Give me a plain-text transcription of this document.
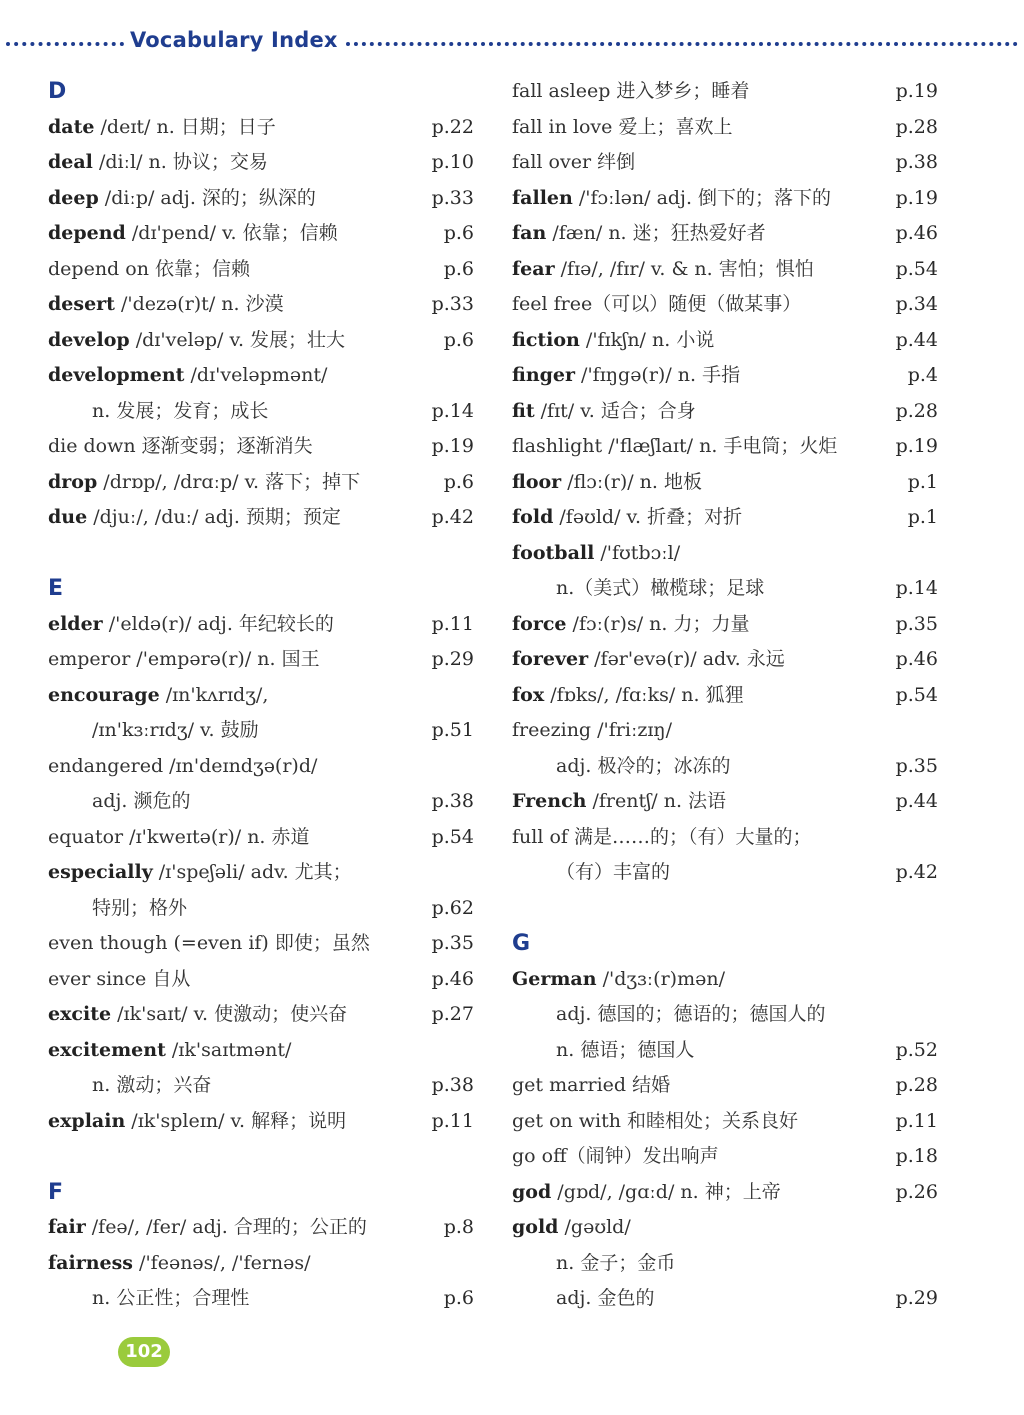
Vocabulary Index
D
date /deɪt/ n. 日期；日子	p.22
deal /diːl/ n. 协议；交易	p.10
deep /diːp/ adj. 深的；纵深的	p.33
depend /dɪ'pend/ v. 依靠；信赖	p.6
depend on 依靠；信赖	p.6
desert /'dezə(r)t/ n. 沙漠	p.33
develop /dɪ'veləp/ v. 发展；壮大	p.6
development /dɪ'veləpmənt/
n. 发展；发育；成长	p.14
die down 逐渐变弱；逐渐消失	p.19
drop /drɒp/, /drɑːp/ v. 落下；掉下	p.6
due /djuː/, /duː/ adj. 预期；预定	p.42
E
elder /'eldə(r)/ adj. 年纪较长的	p.11
emperor /'empərə(r)/ n. 国王	p.29
encourage /ɪn'kʌrɪdʒ/,
/ɪn'kɜːrɪdʒ/ v. 鼓励	p.51
endangered /ɪn'deɪndʒə(r)d/
adj. 濒危的	p.38
equator /ɪ'kweɪtə(r)/ n. 赤道	p.54
especially /ɪ'speʃəli/ adv. 尤其；
特别；格外	p.62
even though (=even if) 即使；虽然	p.35
ever since 自从	p.46
excite /ɪk'saɪt/ v. 使激动；使兴奋	p.27
excitement /ɪk'saɪtmənt/
n. 激动；兴奋	p.38
explain /ɪk'spleɪn/ v. 解释；说明	p.11
F
fair /feə/, /fer/ adj. 合理的；公正的	p.8
fairness /'feənəs/, /'fernəs/
n. 公正性；合理性	p.6
fall asleep 进入梦乡；睡着	p.19
fall in love 爱上；喜欢上	p.28
fall over 绊倒	p.38
fallen /'fɔːlən/ adj. 倒下的；落下的	p.19
fan /fæn/ n. 迷；狂热爱好者	p.46
fear /fɪə/, /fɪr/ v. & n. 害怕；惧怕	p.54
feel free（可以）随便（做某事）	p.34
fiction /'fɪkʃn/ n. 小说	p.44
finger /'fɪŋgə(r)/ n. 手指	p.4
fit /fɪt/ v. 适合；合身	p.28
flashlight /'flæʃlaɪt/ n. 手电筒；火炬	p.19
floor /flɔː(r)/ n. 地板	p.1
fold /fəʊld/ v. 折叠；对折	p.1
football /'fʊtbɔːl/
n.（美式）橄榄球；足球	p.14
force /fɔː(r)s/ n. 力；力量	p.35
forever /fər'evə(r)/ adv. 永远	p.46
fox /fɒks/, /fɑːks/ n. 狐狸	p.54
freezing /'friːzɪŋ/
adj. 极冷的；冰冻的	p.35
French /frentʃ/ n. 法语	p.44
full of 满是……的；（有）大量的；
（有）丰富的	p.42
G
German /'dʒɜː(r)mən/
adj. 德国的；德语的；德国人的
n. 德语；德国人	p.52
get married 结婚	p.28
get on with 和睦相处；关系良好	p.11
go off（闹钟）发出响声	p.18
god /gɒd/, /gɑːd/ n. 神；上帝	p.26
gold /gəʊld/
n. 金子；金币
adj. 金色的	p.29
102
